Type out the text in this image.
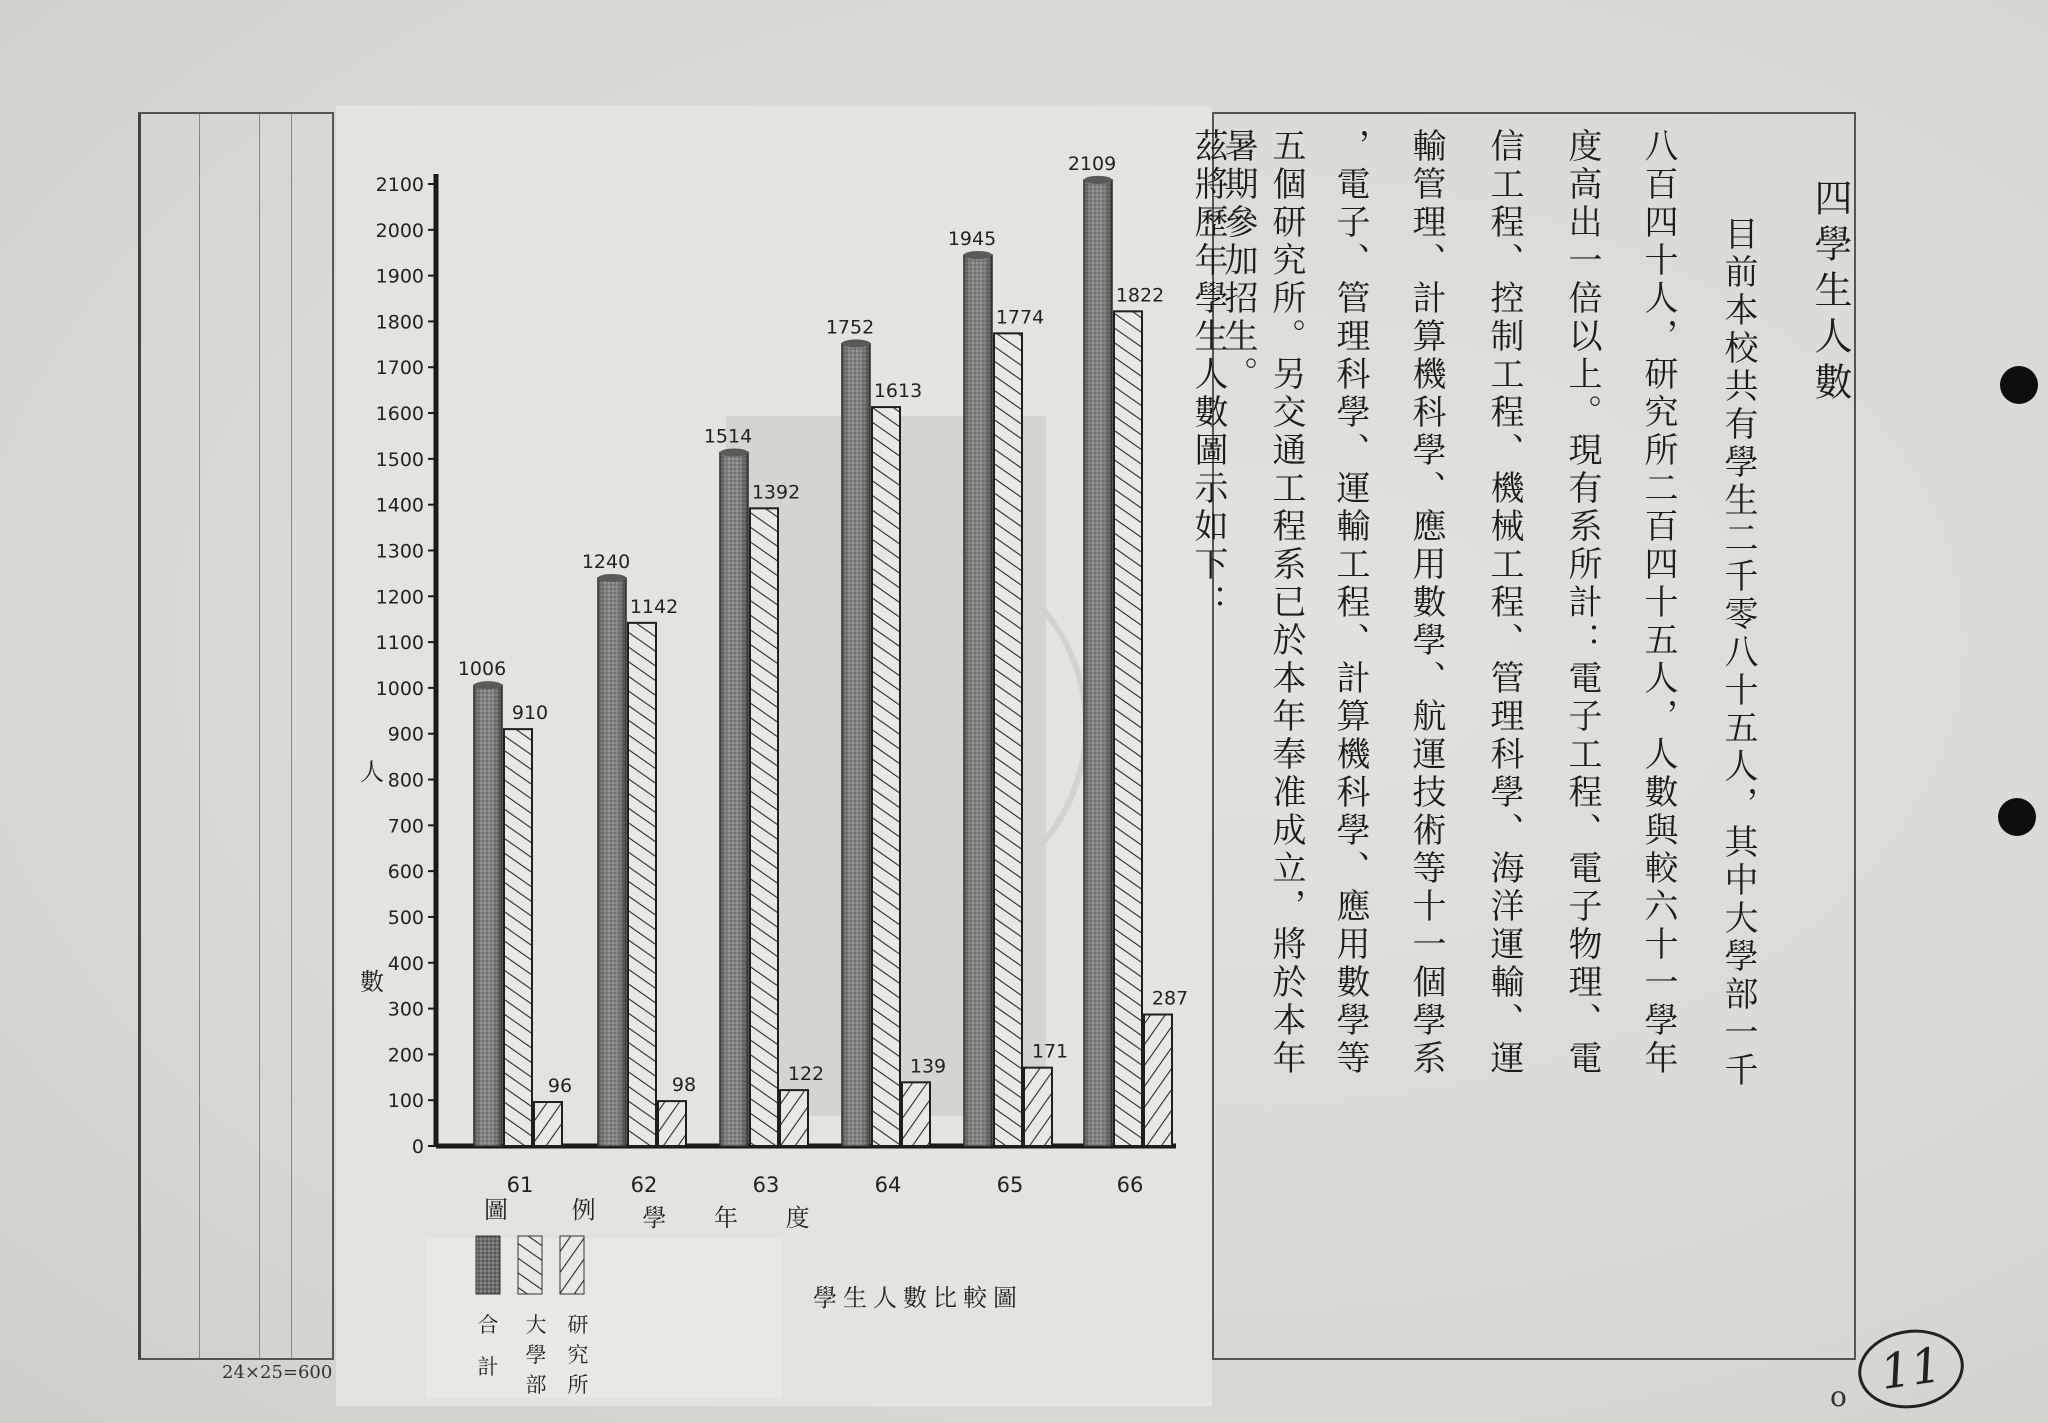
24×25=600
0
100
200
300
400
500
600
700
800
900
1000
1100
1200
1300
1400
1500
1600
1700
1800
1900
2000
2100
1006
910
96
1240
1142
98
1514
1392
122
1752
1613
139
1945
1774
171
2109
1822
287
61	62	63	64	65	66
學 年 度
人數
圖 例
合
計
大
學
部
研
究
所
學生人數比較圖
四學生人數
目前本校共有學生二千零八十五人，其中大學部一千
八百四十人，研究所二百四十五人，人數與較六十一學年
度高出一倍以上。現有系所計：電子工程、電子物理、電
信工程、控制工程、機械工程、管理科學、海洋運輸、運
輸管理、計算機科學、應用數學、航運技術等十一個學系
，電子、管理科學、運輸工程、計算機科學、應用數學等
五個研究所。另交通工程系已於本年奉准成立，將於本年
暑期參加招生。
茲將歷年學生人數圖示如下：
11
o
